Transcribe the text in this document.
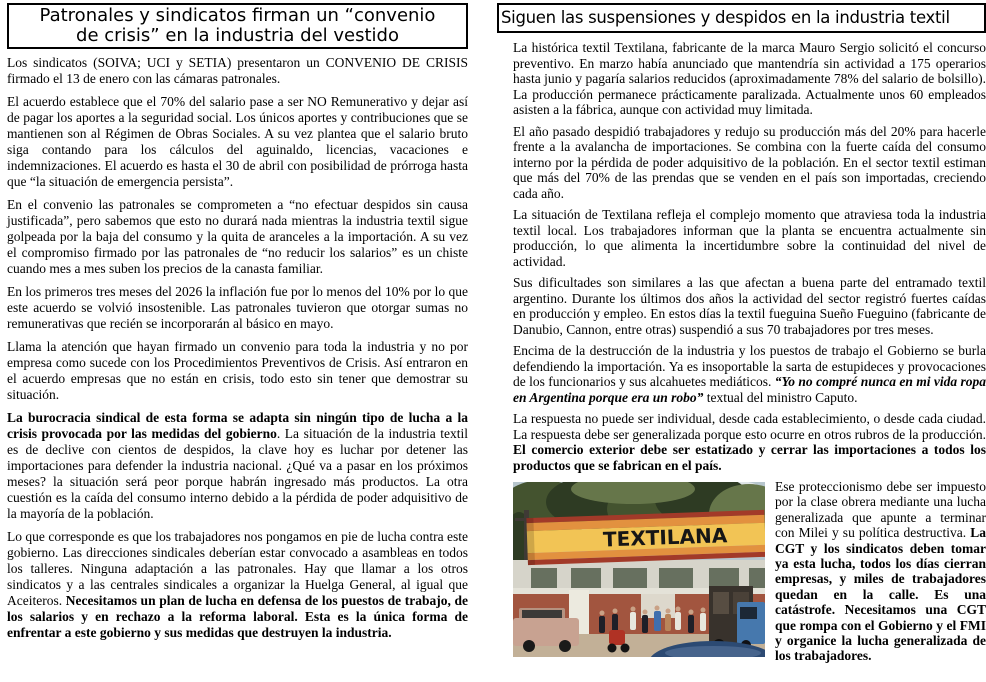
Patronales y sindicatos firman un “convenio de crisis” en la industria del vestido

Los sindicatos (SOIVA; UCI y SETIA) presentaron un CONVENIO DE CRISIS firmado el 13 de enero con las cámaras patronales.

El acuerdo establece que el 70% del salario pase a ser NO Remunerativo y dejar así de pagar los aportes a la seguridad social. Los únicos aportes y contribuciones que se mantienen son al Régimen de Obras Sociales. A su vez plantea que el salario bruto siga contando para los cálculos del aguinaldo, licencias, vacaciones e indemnizaciones. El acuerdo es hasta el 30 de abril con posibilidad de prórroga hasta que “la situación de emergencia persista”.

En el convenio las patronales se comprometen a “no efectuar despidos sin causa justificada”, pero sabemos que esto no durará nada mientras la industria textil sigue golpeada por la baja del consumo y la quita de aranceles a la importación. A su vez el compromiso firmado por las patronales de “no reducir los salarios” es un chiste cuando mes a mes suben los precios de la canasta familiar.

En los primeros tres meses del 2026 la inflación fue por lo menos del 10% por lo que este acuerdo se volvió insostenible. Las patronales tuvieron que otorgar sumas no remunerativas que recién se incorporarán al básico en mayo.

Llama la atención que hayan firmado un convenio para toda la industria y no por empresa como sucede con los Procedimientos Preventivos de Crisis. Así entraron en el acuerdo empresas que no están en crisis, todo esto sin tener que demostrar su situación.

La burocracia sindical de esta forma se adapta sin ningún tipo de lucha a la crisis provocada por las medidas del gobierno. La situación de la industria textil es de declive con cientos de despidos, la clave hoy es luchar por detener las importaciones para defender la industria nacional. ¿Qué va a pasar en los próximos meses? la situación será peor porque habrán ingresado más productos. La otra cuestión es la caída del consumo interno debido a la pérdida de poder adquisitivo de la mayoría de la población.

Lo que corresponde es que los trabajadores nos pongamos en pie de lucha contra este gobierno. Las direcciones sindicales deberían estar convocado a asambleas en todos los talleres. Ninguna adaptación a las patronales. Hay que llamar a los otros sindicatos y a las centrales sindicales a organizar la Huelga General, al igual que Aceiteros. Necesitamos un plan de lucha en defensa de los puestos de trabajo, de los salarios y en rechazo a la reforma laboral. Esta es la única forma de enfrentar a este gobierno y sus medidas que destruyen la industria.

Siguen las suspensiones y despidos en la industria textil

La histórica textil Textilana, fabricante de la marca Mauro Sergio solicitó el concurso preventivo. En marzo había anunciado que mantendría sin actividad a 175 operarios hasta junio y pagaría salarios reducidos (aproximadamente 78% del salario de bolsillo). La producción permanece prácticamente paralizada. Actualmente unos 60 empleados asisten a la fábrica, aunque con actividad muy limitada.

El año pasado despidió trabajadores y redujo su producción más del 20% para hacerle frente a la avalancha de importaciones. Se combina con la fuerte caída del consumo interno por la pérdida de poder adquisitivo de la población. En el sector textil estiman que más del 70% de las prendas que se venden en el país son importadas, creciendo cada año.

La situación de Textilana refleja el complejo momento que atraviesa toda la industria textil local. Los trabajadores informan que la planta se encuentra actualmente sin producción, lo que alimenta la incertidumbre sobre la continuidad del nivel de actividad.

Sus dificultades son similares a las que afectan a buena parte del entramado textil argentino. Durante los últimos dos años la actividad del sector registró fuertes caídas en producción y empleo. En estos días la textil fueguina Sueño Fueguino (fabricante de Danubio, Cannon, entre otras) suspendió a sus 70 trabajadores por tres meses.

Encima de la destrucción de la industria y los puestos de trabajo el Gobierno se burla defendiendo la importación. Ya es insoportable la sarta de estupideces y provocaciones de los funcionarios y sus alcahuetes mediáticos. “Yo no compré nunca en mi vida ropa en Argentina porque era un robo” textual del ministro Caputo.

La respuesta no puede ser individual, desde cada establecimiento, o desde cada ciudad. La respuesta debe ser generalizada porque esto ocurre en otros rubros de la producción. El comercio exterior debe ser estatizado y cerrar las importaciones a todos los productos que se fabrican en el país.

TEXTILANA

Ese proteccionismo debe ser impuesto por la clase obrera mediante una lucha generalizada que apunte a terminar con Milei y su política destructiva. La CGT y los sindicatos deben tomar ya esta lucha, todos los días cierran empresas, y miles de trabajadores quedan en la calle. Es una catástrofe. Necesitamos una CGT que rompa con el Gobierno y el FMI y organice la lucha generalizada de los trabajadores.
